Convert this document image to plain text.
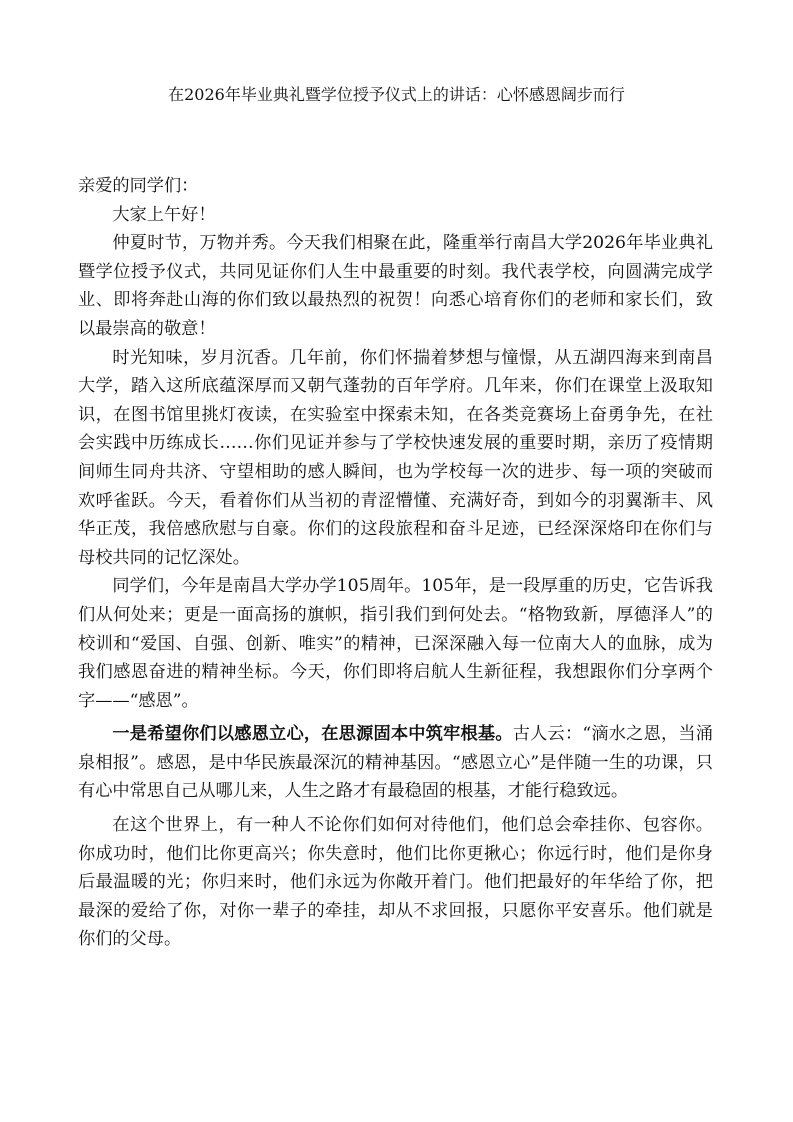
在2026年毕业典礼暨学位授予仪式上的讲话：心怀感恩阔步而行

亲爱的同学们：

大家上午好！

仲夏时节，万物并秀。今天我们相聚在此，隆重举行南昌大学2026年毕业典礼暨学位授予仪式，共同见证你们人生中最重要的时刻。我代表学校，向圆满完成学业、即将奔赴山海的你们致以最热烈的祝贺！向悉心培育你们的老师和家长们，致以最崇高的敬意！

时光知味，岁月沉香。几年前，你们怀揣着梦想与憧憬，从五湖四海来到南昌大学，踏入这所底蕴深厚而又朝气蓬勃的百年学府。几年来，你们在课堂上汲取知识，在图书馆里挑灯夜读，在实验室中探索未知，在各类竞赛场上奋勇争先，在社会实践中历练成长……你们见证并参与了学校快速发展的重要时期，亲历了疫情期间师生同舟共济、守望相助的感人瞬间，也为学校每一次的进步、每一项的突破而欢呼雀跃。今天，看着你们从当初的青涩懵懂、充满好奇，到如今的羽翼渐丰、风华正茂，我倍感欣慰与自豪。你们的这段旅程和奋斗足迹，已经深深烙印在你们与母校共同的记忆深处。

同学们，今年是南昌大学办学105周年。105年，是一段厚重的历史，它告诉我们从何处来；更是一面高扬的旗帜，指引我们到何处去。“格物致新，厚德泽人”的校训和“爱国、自强、创新、唯实”的精神，已深深融入每一位南大人的血脉，成为我们感恩奋进的精神坐标。今天，你们即将启航人生新征程，我想跟你们分享两个字——“感恩”。

一是希望你们以感恩立心，在思源固本中筑牢根基。古人云：“滴水之恩，当涌泉相报”。感恩，是中华民族最深沉的精神基因。“感恩立心”是伴随一生的功课，只有心中常思自己从哪儿来，人生之路才有最稳固的根基，才能行稳致远。

在这个世界上，有一种人不论你们如何对待他们，他们总会牵挂你、包容你。你成功时，他们比你更高兴；你失意时，他们比你更揪心；你远行时，他们是你身后最温暖的光；你归来时，他们永远为你敞开着门。他们把最好的年华给了你，把最深的爱给了你，对你一辈子的牵挂，却从不求回报，只愿你平安喜乐。他们就是你们的父母。
